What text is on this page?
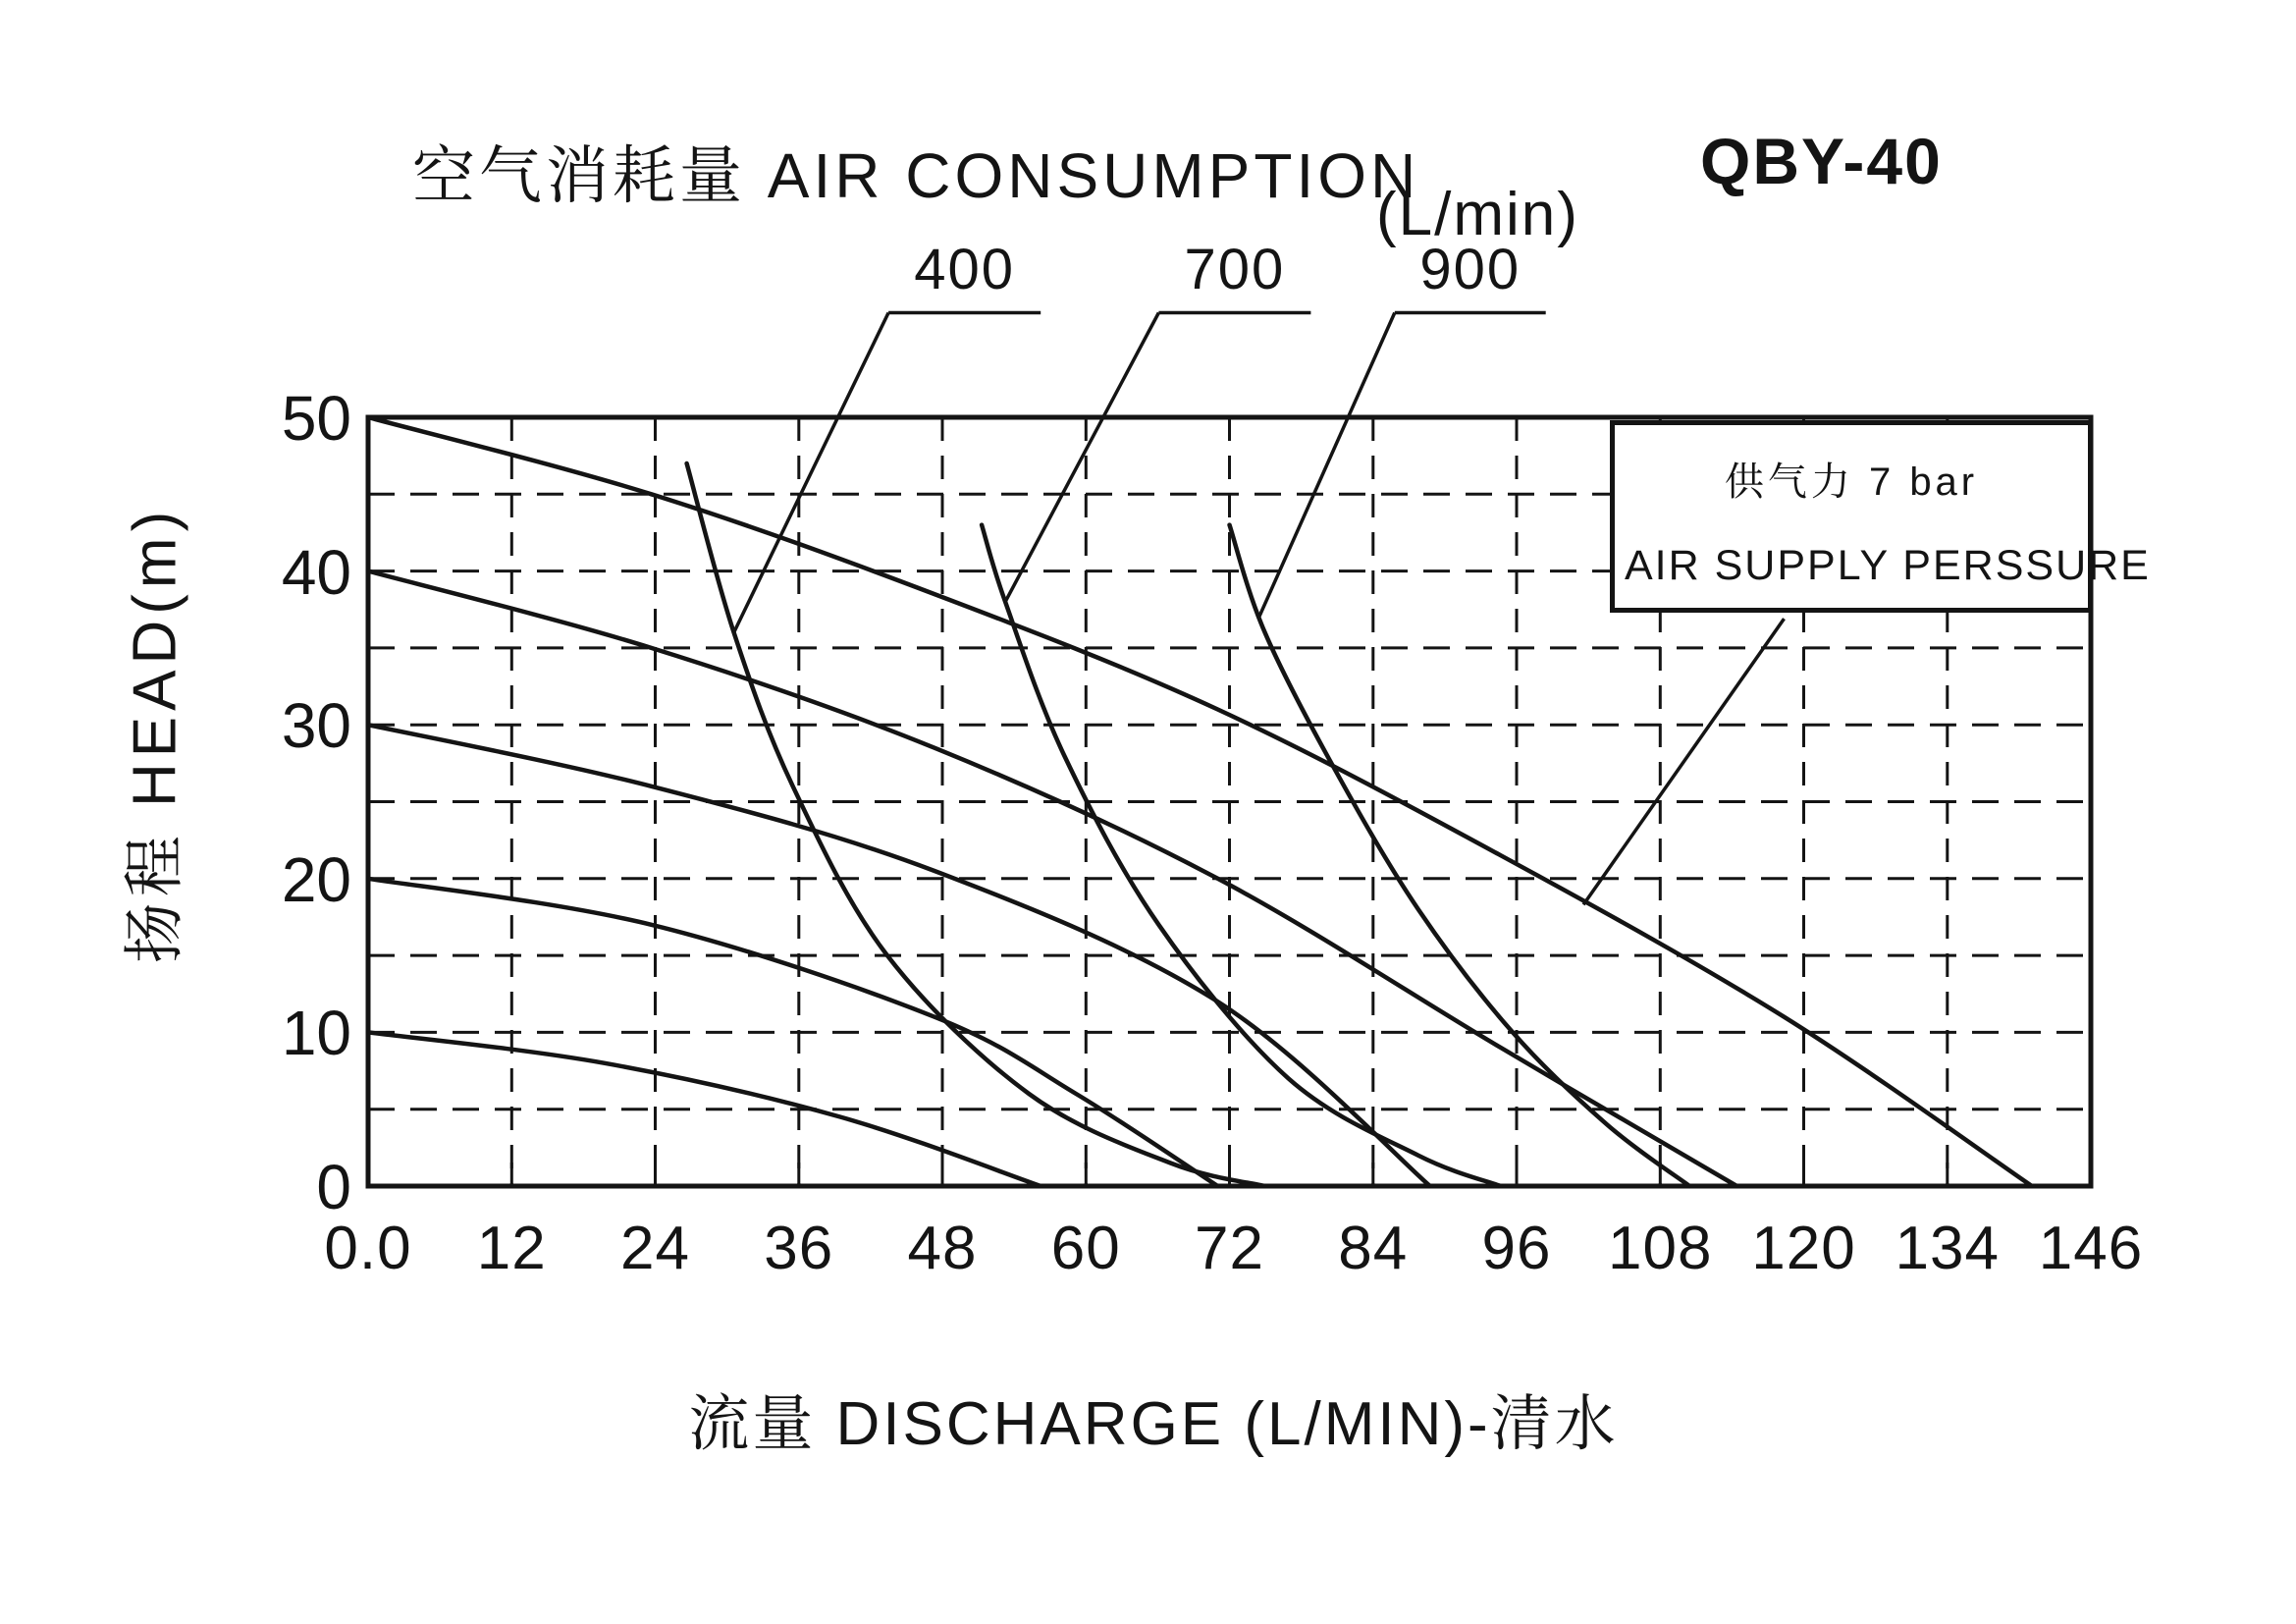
空气消耗量 AIR CONSUMPTION
(L/min)
QBY-40
流量 DISCHARGE (L/MIN)-清水
扬程 HEAD(m)
供气力 7 bar
AIR SUPPLY PERSSURE
0.0 12 24 36 48 60 72 84 96 108 120 134 146
50
40
30
20
10
0
400	700 900
